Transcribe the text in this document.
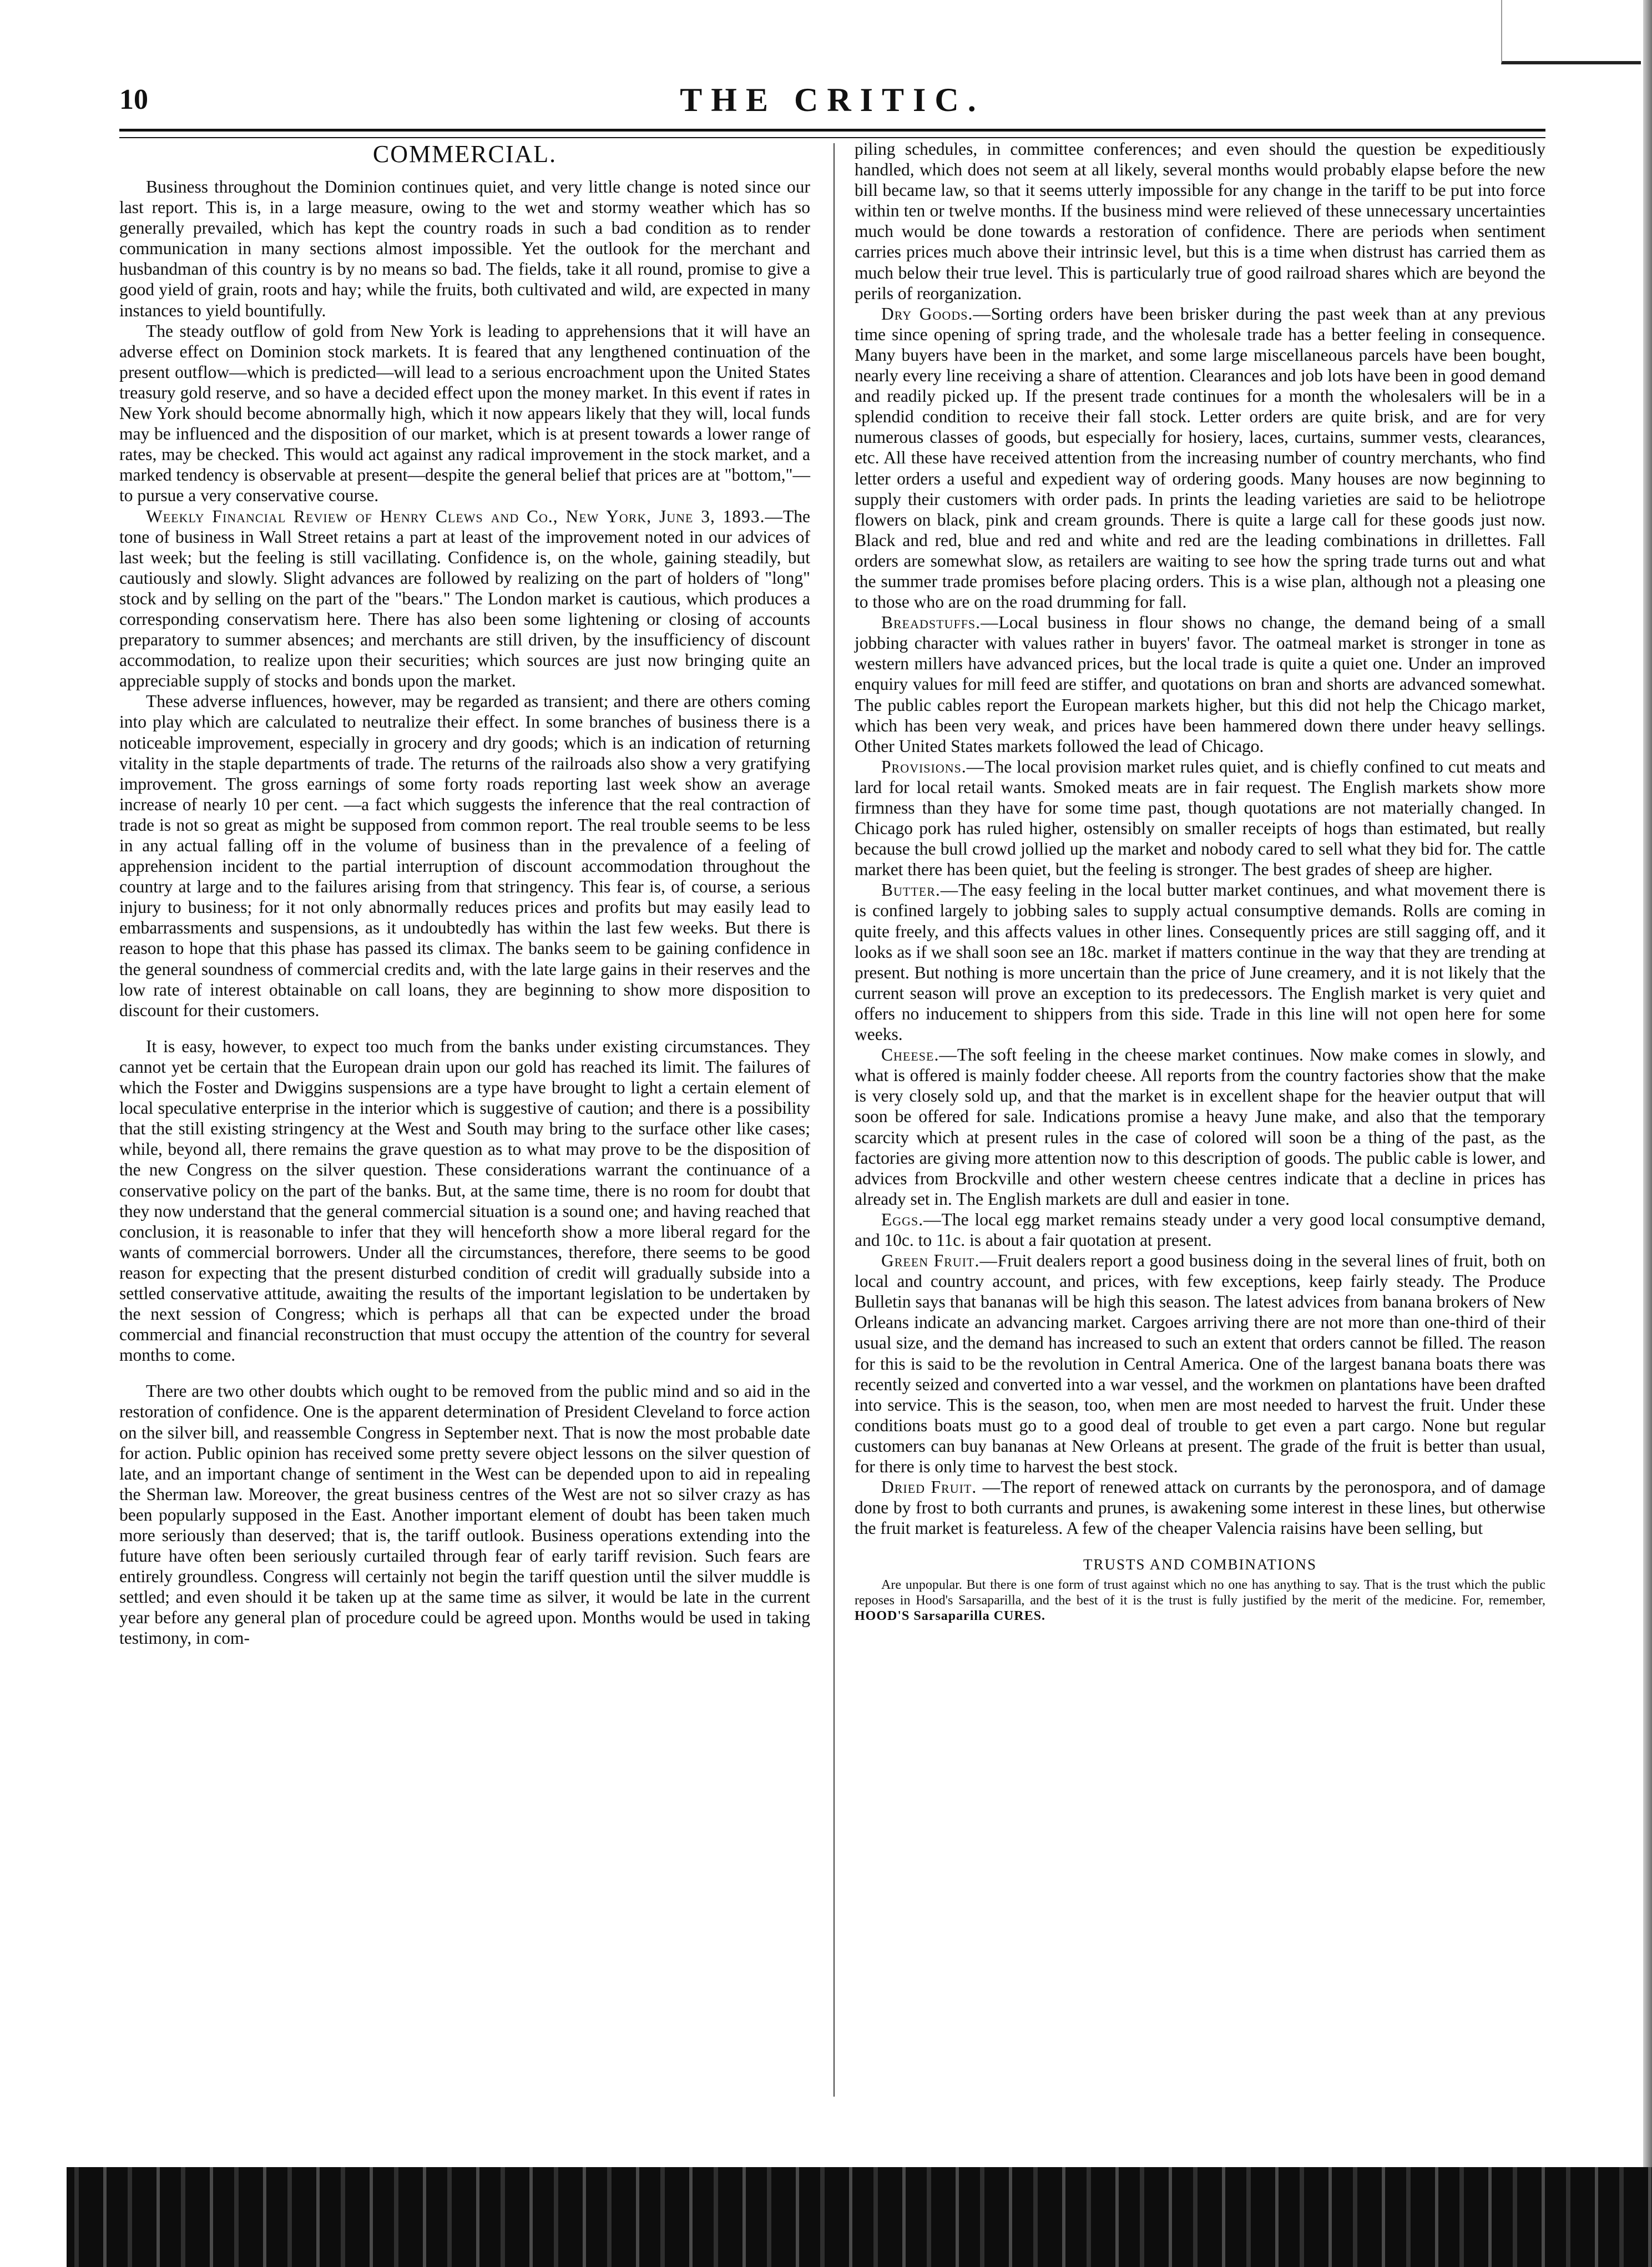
10	THE CRITIC.
COMMERCIAL.

Business throughout the Dominion continues quiet, and very little change is noted since our last report. This is, in a large measure, owing to the wet and stormy weather which has so generally prevailed, which has kept the country roads in such a bad condition as to render communication in many sections almost impossible. Yet the outlook for the merchant and husbandman of this country is by no means so bad. The fields, take it all round, promise to give a good yield of grain, roots and hay; while the fruits, both cultivated and wild, are expected in many instances to yield bountifully.

The steady outflow of gold from New York is leading to apprehensions that it will have an adverse effect on Dominion stock markets. It is feared that any lengthened continuation of the present outflow—which is predicted—will lead to a serious encroachment upon the United States treasury gold reserve, and so have a decided effect upon the money market. In this event if rates in New York should become abnormally high, which it now appears likely that they will, local funds may be influenced and the disposition of our market, which is at present towards a lower range of rates, may be checked. This would act against any radical improvement in the stock market, and a marked tendency is observable at present—despite the general belief that prices are at "bottom,"—to pursue a very conservative course.

Weekly Financial Review of Henry Clews and Co., New York, June 3, 1893.—The tone of business in Wall Street retains a part at least of the improvement noted in our advices of last week; but the feeling is still vacillating. Confidence is, on the whole, gaining steadily, but cautiously and slowly. Slight advances are followed by realizing on the part of holders of "long" stock and by selling on the part of the "bears." The London market is cautious, which produces a corresponding conservatism here. There has also been some lightening or closing of accounts preparatory to summer absences; and merchants are still driven, by the insufficiency of discount accommodation, to realize upon their securities; which sources are just now bringing quite an appreciable supply of stocks and bonds upon the market.

These adverse influences, however, may be regarded as transient; and there are others coming into play which are calculated to neutralize their effect. In some branches of business there is a noticeable improvement, especially in grocery and dry goods; which is an indication of returning vitality in the staple departments of trade. The returns of the railroads also show a very gratifying improvement. The gross earnings of some forty roads reporting last week show an average increase of nearly 10 per cent. —a fact which suggests the inference that the real contraction of trade is not so great as might be supposed from common report. The real trouble seems to be less in any actual falling off in the volume of business than in the prevalence of a feeling of apprehension incident to the partial interruption of discount accommodation throughout the country at large and to the failures arising from that stringency. This fear is, of course, a serious injury to business; for it not only abnormally reduces prices and profits but may easily lead to embarrassments and suspensions, as it undoubtedly has within the last few weeks. But there is reason to hope that this phase has passed its climax. The banks seem to be gaining confidence in the general soundness of commercial credits and, with the late large gains in their reserves and the low rate of interest obtainable on call loans, they are beginning to show more disposition to discount for their customers.

It is easy, however, to expect too much from the banks under existing circumstances. They cannot yet be certain that the European drain upon our gold has reached its limit. The failures of which the Foster and Dwiggins suspensions are a type have brought to light a certain element of local speculative enterprise in the interior which is suggestive of caution; and there is a possibility that the still existing stringency at the West and South may bring to the surface other like cases; while, beyond all, there remains the grave question as to what may prove to be the disposition of the new Congress on the silver question. These considerations warrant the continuance of a conservative policy on the part of the banks. But, at the same time, there is no room for doubt that they now understand that the general commercial situation is a sound one; and having reached that conclusion, it is reasonable to infer that they will henceforth show a more liberal regard for the wants of commercial borrowers. Under all the circumstances, therefore, there seems to be good reason for expecting that the present disturbed condition of credit will gradually subside into a settled conservative attitude, awaiting the results of the important legislation to be undertaken by the next session of Congress; which is perhaps all that can be expected under the broad commercial and financial reconstruction that must occupy the attention of the country for several months to come.

There are two other doubts which ought to be removed from the public mind and so aid in the restoration of confidence. One is the apparent determination of President Cleveland to force action on the silver bill, and reassemble Congress in September next. That is now the most probable date for action. Public opinion has received some pretty severe object lessons on the silver question of late, and an important change of sentiment in the West can be depended upon to aid in repealing the Sherman law. Moreover, the great business centres of the West are not so silver crazy as has been popularly supposed in the East. Another important element of doubt has been taken much more seriously than deserved; that is, the tariff outlook. Business operations extending into the future have often been seriously curtailed through fear of early tariff revision. Such fears are entirely groundless. Congress will certainly not begin the tariff question until the silver muddle is settled; and even should it be taken up at the same time as silver, it would be late in the current year before any general plan of procedure could be agreed upon. Months would be used in taking testimony, in com-

piling schedules, in committee conferences; and even should the question be expeditiously handled, which does not seem at all likely, several months would probably elapse before the new bill became law, so that it seems utterly impossible for any change in the tariff to be put into force within ten or twelve months. If the business mind were relieved of these unnecessary uncertainties much would be done towards a restoration of confidence. There are periods when sentiment carries prices much above their intrinsic level, but this is a time when distrust has carried them as much below their true level. This is particularly true of good railroad shares which are beyond the perils of reorganization.

Dry Goods.—Sorting orders have been brisker during the past week than at any previous time since opening of spring trade, and the wholesale trade has a better feeling in consequence. Many buyers have been in the market, and some large miscellaneous parcels have been bought, nearly every line receiving a share of attention. Clearances and job lots have been in good demand and readily picked up. If the present trade continues for a month the wholesalers will be in a splendid condition to receive their fall stock. Letter orders are quite brisk, and are for very numerous classes of goods, but especially for hosiery, laces, curtains, summer vests, clearances, etc. All these have received attention from the increasing number of country merchants, who find letter orders a useful and expedient way of ordering goods. Many houses are now beginning to supply their customers with order pads. In prints the leading varieties are said to be heliotrope flowers on black, pink and cream grounds. There is quite a large call for these goods just now. Black and red, blue and red and white and red are the leading combinations in drillettes. Fall orders are somewhat slow, as retailers are waiting to see how the spring trade turns out and what the summer trade promises before placing orders. This is a wise plan, although not a pleasing one to those who are on the road drumming for fall.

Breadstuffs.—Local business in flour shows no change, the demand being of a small jobbing character with values rather in buyers' favor. The oatmeal market is stronger in tone as western millers have advanced prices, but the local trade is quite a quiet one. Under an improved enquiry values for mill feed are stiffer, and quotations on bran and shorts are advanced somewhat. The public cables report the European markets higher, but this did not help the Chicago market, which has been very weak, and prices have been hammered down there under heavy sellings. Other United States markets followed the lead of Chicago.

Provisions.—The local provision market rules quiet, and is chiefly confined to cut meats and lard for local retail wants. Smoked meats are in fair request. The English markets show more firmness than they have for some time past, though quotations are not materially changed. In Chicago pork has ruled higher, ostensibly on smaller receipts of hogs than estimated, but really because the bull crowd jollied up the market and nobody cared to sell what they bid for. The cattle market there has been quiet, but the feeling is stronger. The best grades of sheep are higher.

Butter.—The easy feeling in the local butter market continues, and what movement there is is confined largely to jobbing sales to supply actual consumptive demands. Rolls are coming in quite freely, and this affects values in other lines. Consequently prices are still sagging off, and it looks as if we shall soon see an 18c. market if matters continue in the way that they are trending at present. But nothing is more uncertain than the price of June creamery, and it is not likely that the current season will prove an exception to its predecessors. The English market is very quiet and offers no inducement to shippers from this side. Trade in this line will not open here for some weeks.

Cheese.—The soft feeling in the cheese market continues. Now make comes in slowly, and what is offered is mainly fodder cheese. All reports from the country factories show that the make is very closely sold up, and that the market is in excellent shape for the heavier output that will soon be offered for sale. Indications promise a heavy June make, and also that the temporary scarcity which at present rules in the case of colored will soon be a thing of the past, as the factories are giving more attention now to this description of goods. The public cable is lower, and advices from Brockville and other western cheese centres indicate that a decline in prices has already set in. The English markets are dull and easier in tone.

Eggs.—The local egg market remains steady under a very good local consumptive demand, and 10c. to 11c. is about a fair quotation at present.

Green Fruit.—Fruit dealers report a good business doing in the several lines of fruit, both on local and country account, and prices, with few exceptions, keep fairly steady. The Produce Bulletin says that bananas will be high this season. The latest advices from banana brokers of New Orleans indicate an advancing market. Cargoes arriving there are not more than one-third of their usual size, and the demand has increased to such an extent that orders cannot be filled. The reason for this is said to be the revolution in Central America. One of the largest banana boats there was recently seized and converted into a war vessel, and the workmen on plantations have been drafted into service. This is the season, too, when men are most needed to harvest the fruit. Under these conditions boats must go to a good deal of trouble to get even a part cargo. None but regular customers can buy bananas at New Orleans at present. The grade of the fruit is better than usual, for there is only time to harvest the best stock.

Dried Fruit. —The report of renewed attack on currants by the peronospora, and of damage done by frost to both currants and prunes, is awakening some interest in these lines, but otherwise the fruit market is featureless. A few of the cheaper Valencia raisins have been selling, but

TRUSTS AND COMBINATIONS

Are unpopular. But there is one form of trust against which no one has anything to say. That is the trust which the public reposes in Hood's Sarsaparilla, and the best of it is the trust is fully justified by the merit of the medicine. For, remember, HOOD'S Sarsaparilla CURES.
